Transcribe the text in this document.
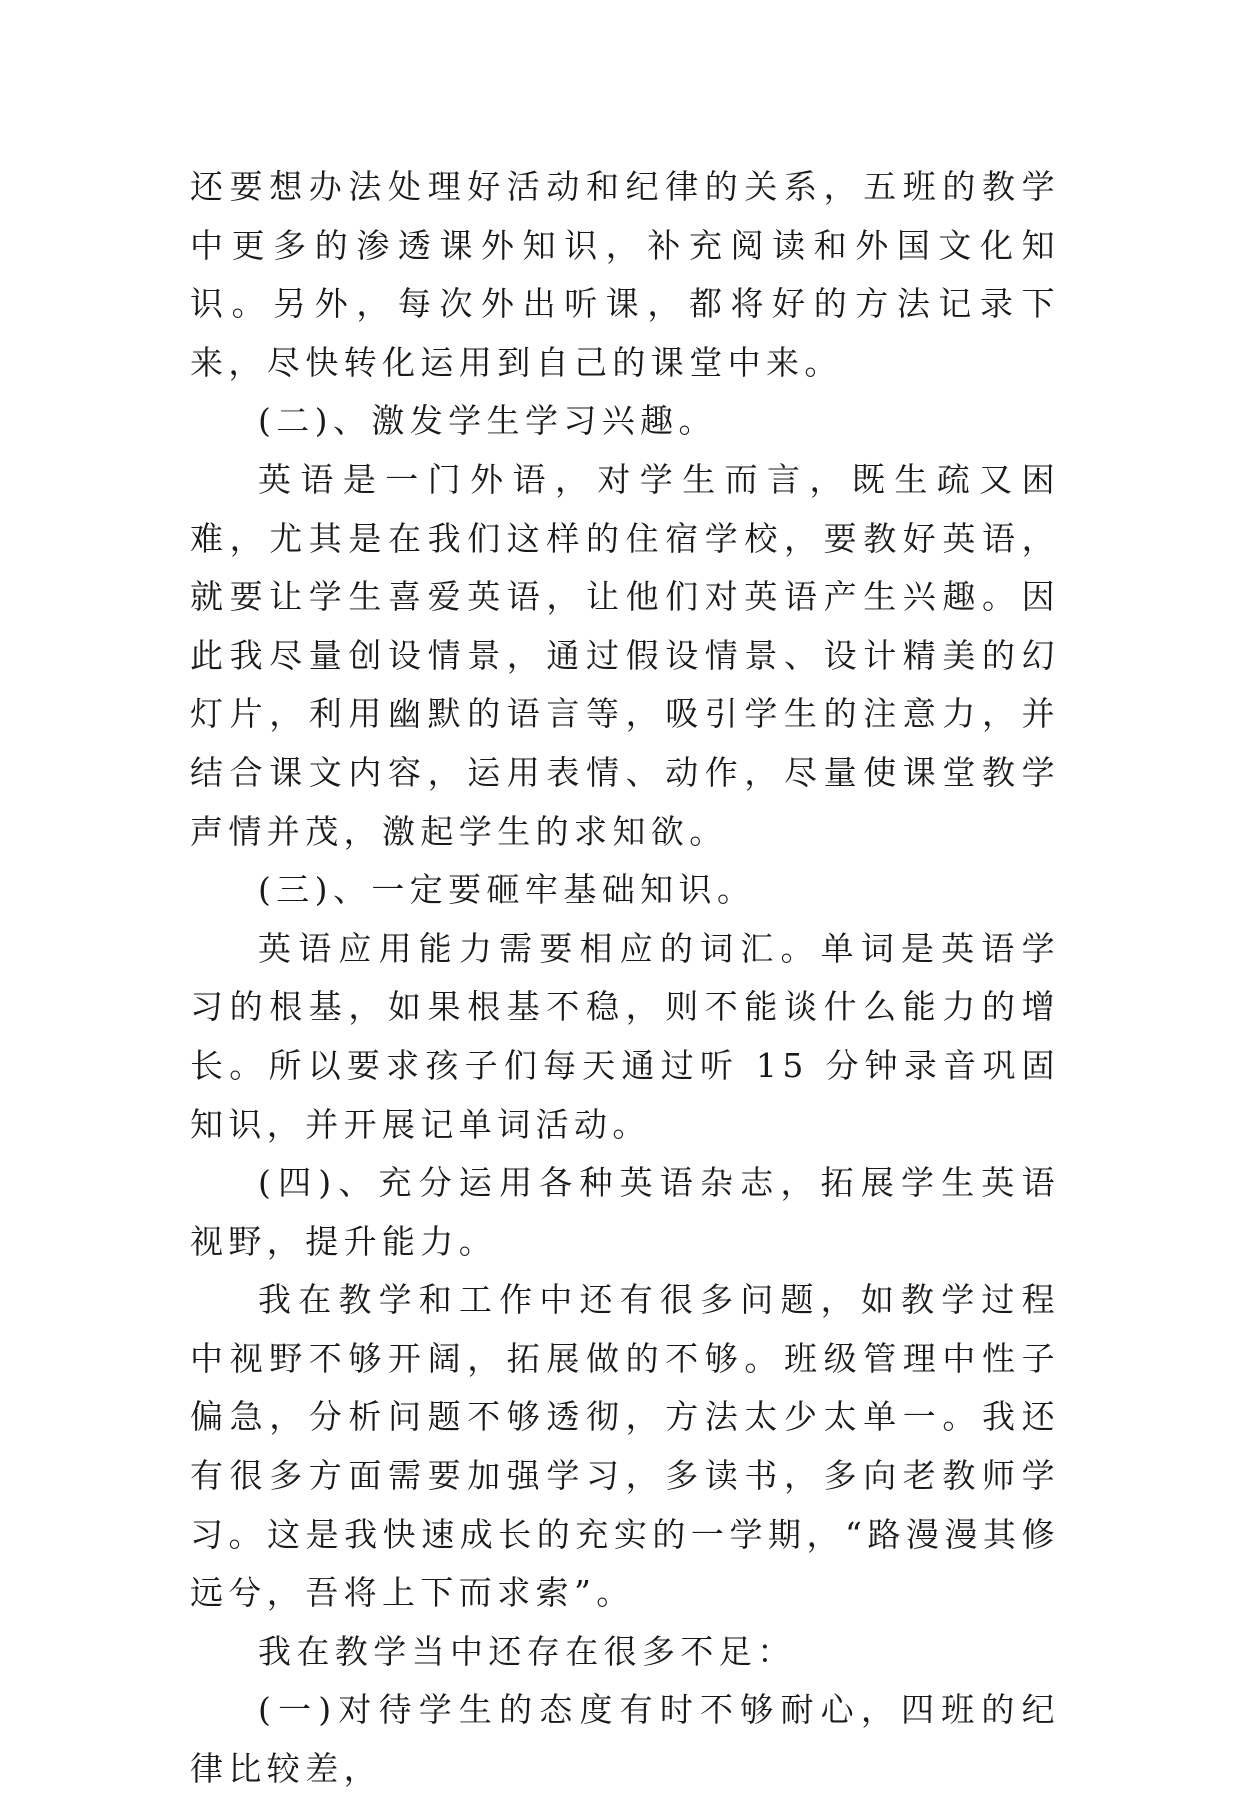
还要想办法处理好活动和纪律的关系，五班的教学中更多的渗透课外知识，补充阅读和外国文化知识。另外，每次外出听课，都将好的方法记录下来，尽快转化运用到自己的课堂中来。

(二)、激发学生学习兴趣。

英语是一门外语，对学生而言，既生疏又困难，尤其是在我们这样的住宿学校，要教好英语，就要让学生喜爱英语，让他们对英语产生兴趣。因此我尽量创设情景，通过假设情景、设计精美的幻灯片，利用幽默的语言等，吸引学生的注意力，并结合课文内容，运用表情、动作，尽量使课堂教学声情并茂，激起学生的求知欲。

(三)、一定要砸牢基础知识。

英语应用能力需要相应的词汇。单词是英语学习的根基，如果根基不稳，则不能谈什么能力的增长。所以要求孩子们每天通过听 15 分钟录音巩固知识，并开展记单词活动。

(四)、充分运用各种英语杂志，拓展学生英语视野，提升能力。

我在教学和工作中还有很多问题，如教学过程中视野不够开阔，拓展做的不够。班级管理中性子偏急，分析问题不够透彻，方法太少太单一。我还有很多方面需要加强学习，多读书，多向老教师学习。这是我快速成长的充实的一学期，“路漫漫其修远兮，吾将上下而求索”。

我在教学当中还存在很多不足：

(一)对待学生的态度有时不够耐心，四班的纪律比较差，
